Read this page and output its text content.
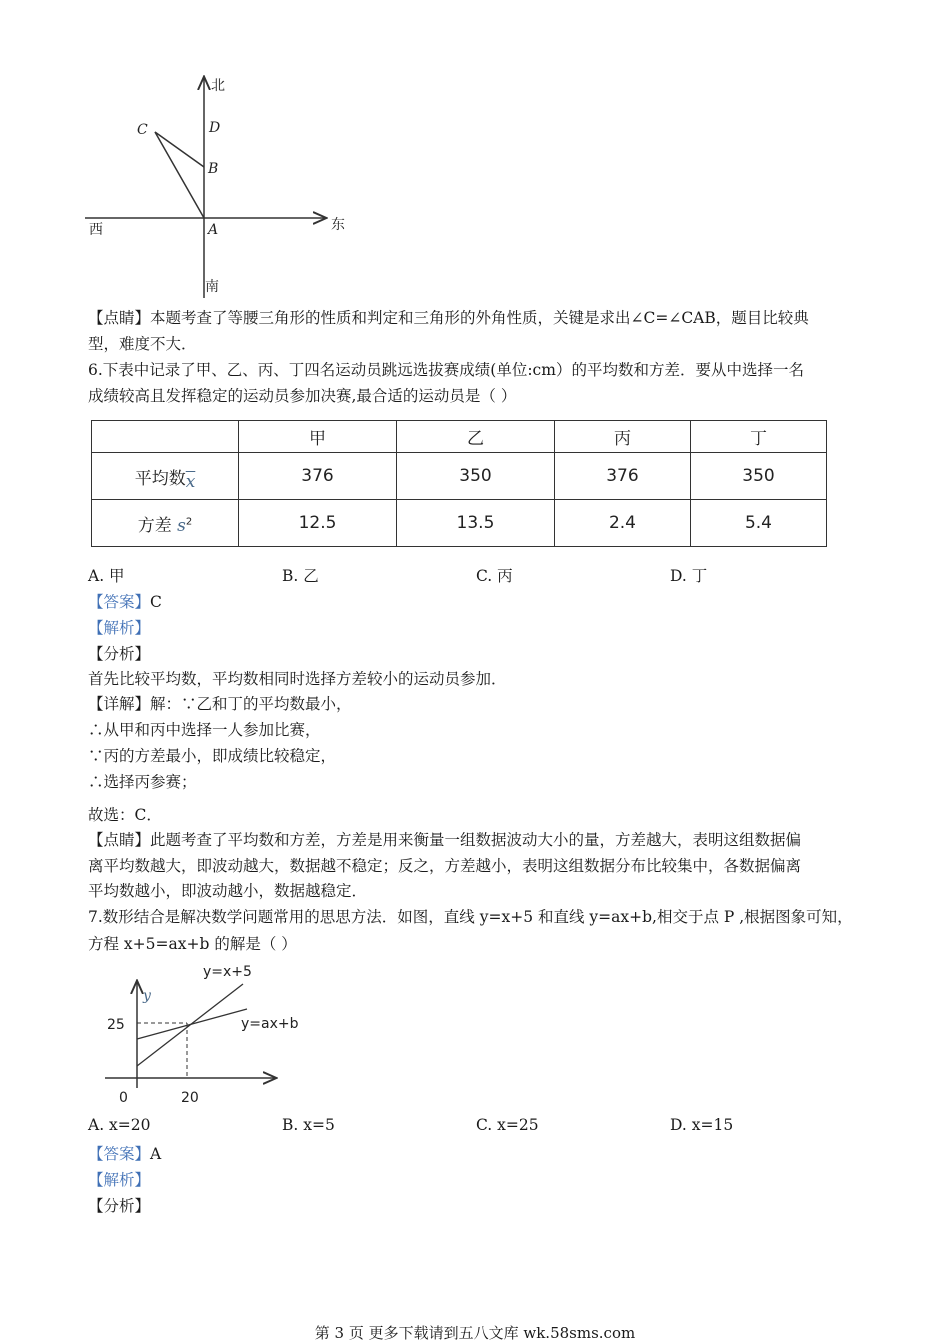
北
南
东
西
C	D
B
A
【点睛】本题考查了等腰三角形的性质和判定和三角形的外角性质，关键是求出∠C=∠CAB，题目比较典
型，难度不大．
6.下表中记录了甲、乙、丙、丁四名运动员跳远选拔赛成绩(单位:cm）的平均数和方差．要从中选择一名
成绩较高且发挥稳定的运动员参加决赛,最合适的运动员是（ ）
	甲	乙	丙	丁
平均数$\overline{x}$	376	350	376	350
方差 $s^2$	12.5	13.5	2.4	5.4
A. 甲	B. 乙	C. 丙	D. 丁
【答案】C
【解析】
【分析】
首先比较平均数，平均数相同时选择方差较小的运动员参加．
【详解】解：∵乙和丁的平均数最小，
∴从甲和丙中选择一人参加比赛，
∵丙的方差最小，即成绩比较稳定，
∴选择丙参赛；
故选：C．
【点睛】此题考查了平均数和方差，方差是用来衡量一组数据波动大小的量，方差越大，表明这组数据偏
离平均数越大，即波动越大，数据越不稳定；反之，方差越小，表明这组数据分布比较集中，各数据偏离
平均数越小，即波动越小，数据越稳定．
7.数形结合是解决数学问题常用的思思方法．如图，直线 y=x+5 和直线 y=ax+b,相交于点 P ,根据图象可知，
方程 x+5=ax+b 的解是（ ）
y=x+5
y=ax+b
y
25
20
0
A. x=20	B. x=5	C. x=25	D. x=15
【答案】A
【解析】
【分析】
第 3 页 更多下载请到五八文库 wk.58sms.com
